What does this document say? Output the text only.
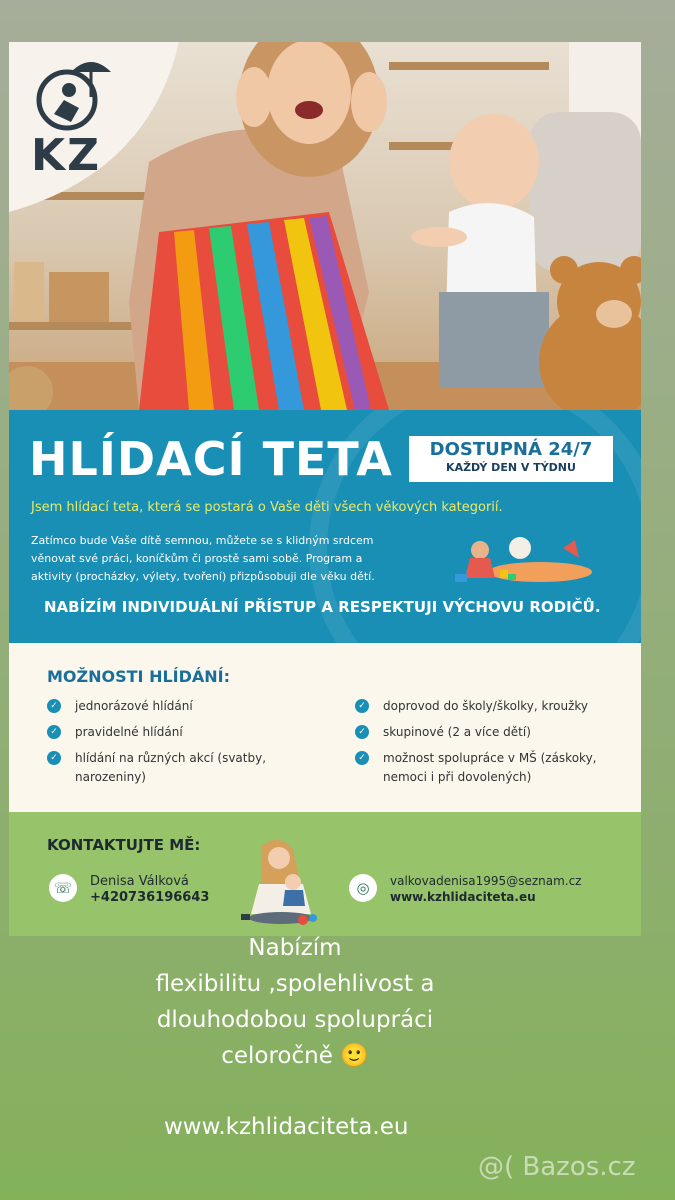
KZ
HLÍDACÍ TETA	DOSTUPNÁ 24/7
KAŽDÝ DEN V TÝDNU

Jsem hlídací teta, která se postará o Vaše děti všech věkových kategorií.

Zatímco bude Vaše dítě semnou, můžete se s klidným srdcem věnovat své práci, koníčkům či prostě sami sobě. Program a aktivity (procházky, výlety, tvoření) přizpůsobuji dle věku dětí.

NABÍZÍM INDIVIDUÁLNÍ PŘÍSTUP A RESPEKTUJI VÝCHOVU RODIČŮ.

MOŽNOSTI HLÍDÁNÍ:
✓ jednorázové hlídání
✓ pravidelné hlídání
✓ hlídání na různých akcí (svatby, narozeniny)
✓ doprovod do školy/školky, kroužky
✓ skupinové (2 a více dětí)
✓ možnost spolupráce v MŠ (záskoky, nemoci i při dovolených)
KONTAKTUJTE MĚ:
☏	Denisa Válková
+420736196643
◎	valkovadenisa1995@seznam.cz
www.kzhlidaciteta.eu
Nabízím
flexibilitu ,spolehlivost a
dlouhodobou spolupráci
celoročně 🙂

www.kzhlidaciteta.eu

@( Bazos.cz
